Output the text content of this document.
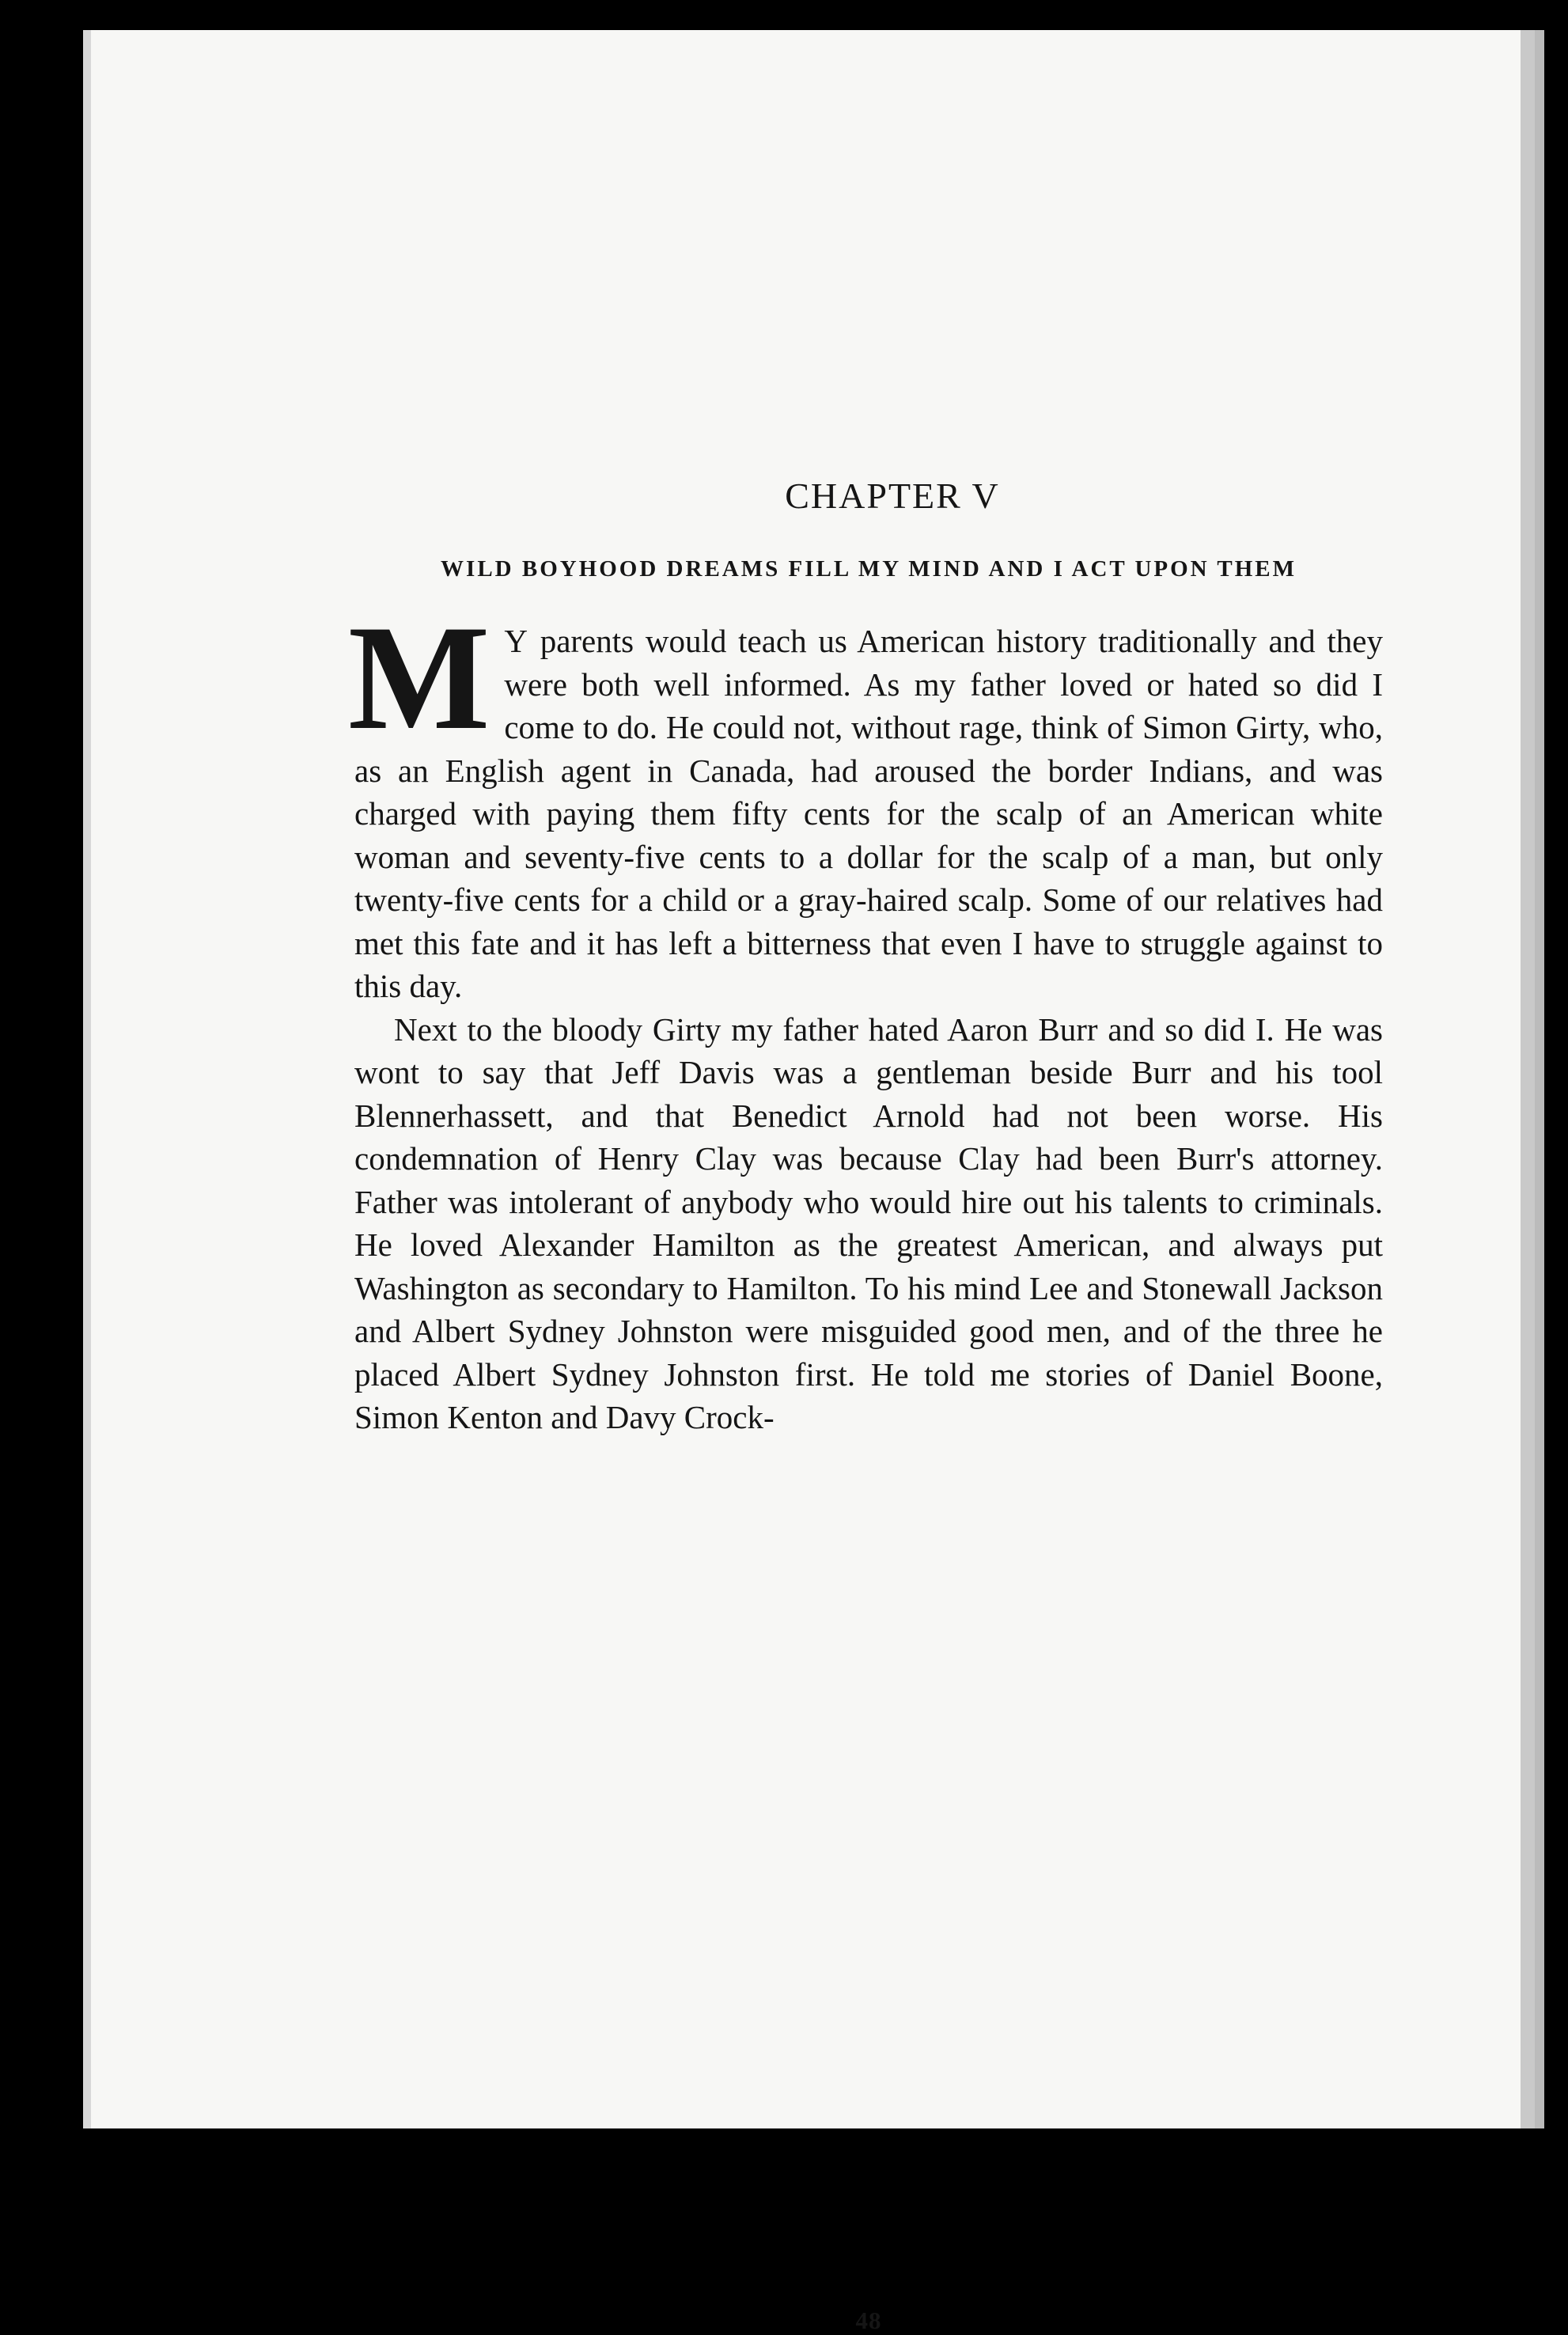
CHAPTER V
WILD BOYHOOD DREAMS FILL MY MIND AND I ACT UPON THEM

M Y parents would teach us American history traditionally and they were both well informed. As my father loved or hated so did I come to do. He could not, without rage, think of Simon Girty, who, as an English agent in Canada, had aroused the border Indians, and was charged with paying them fifty cents for the scalp of an American white woman and seventy-five cents to a dollar for the scalp of a man, but only twenty-five cents for a child or a gray-haired scalp. Some of our relatives had met this fate and it has left a bitterness that even I have to struggle against to this day.

Next to the bloody Girty my father hated Aaron Burr and so did I. He was wont to say that Jeff Davis was a gentleman beside Burr and his tool Blennerhassett, and that Benedict Arnold had not been worse. His condemnation of Henry Clay was because Clay had been Burr's attorney. Father was intolerant of anybody who would hire out his talents to criminals. He loved Alexander Hamilton as the greatest American, and always put Washington as secondary to Hamilton. To his mind Lee and Stonewall Jackson and Albert Sydney Johnston were misguided good men, and of the three he placed Albert Sydney Johnston first. He told me stories of Daniel Boone, Simon Kenton and Davy Crock-

48
